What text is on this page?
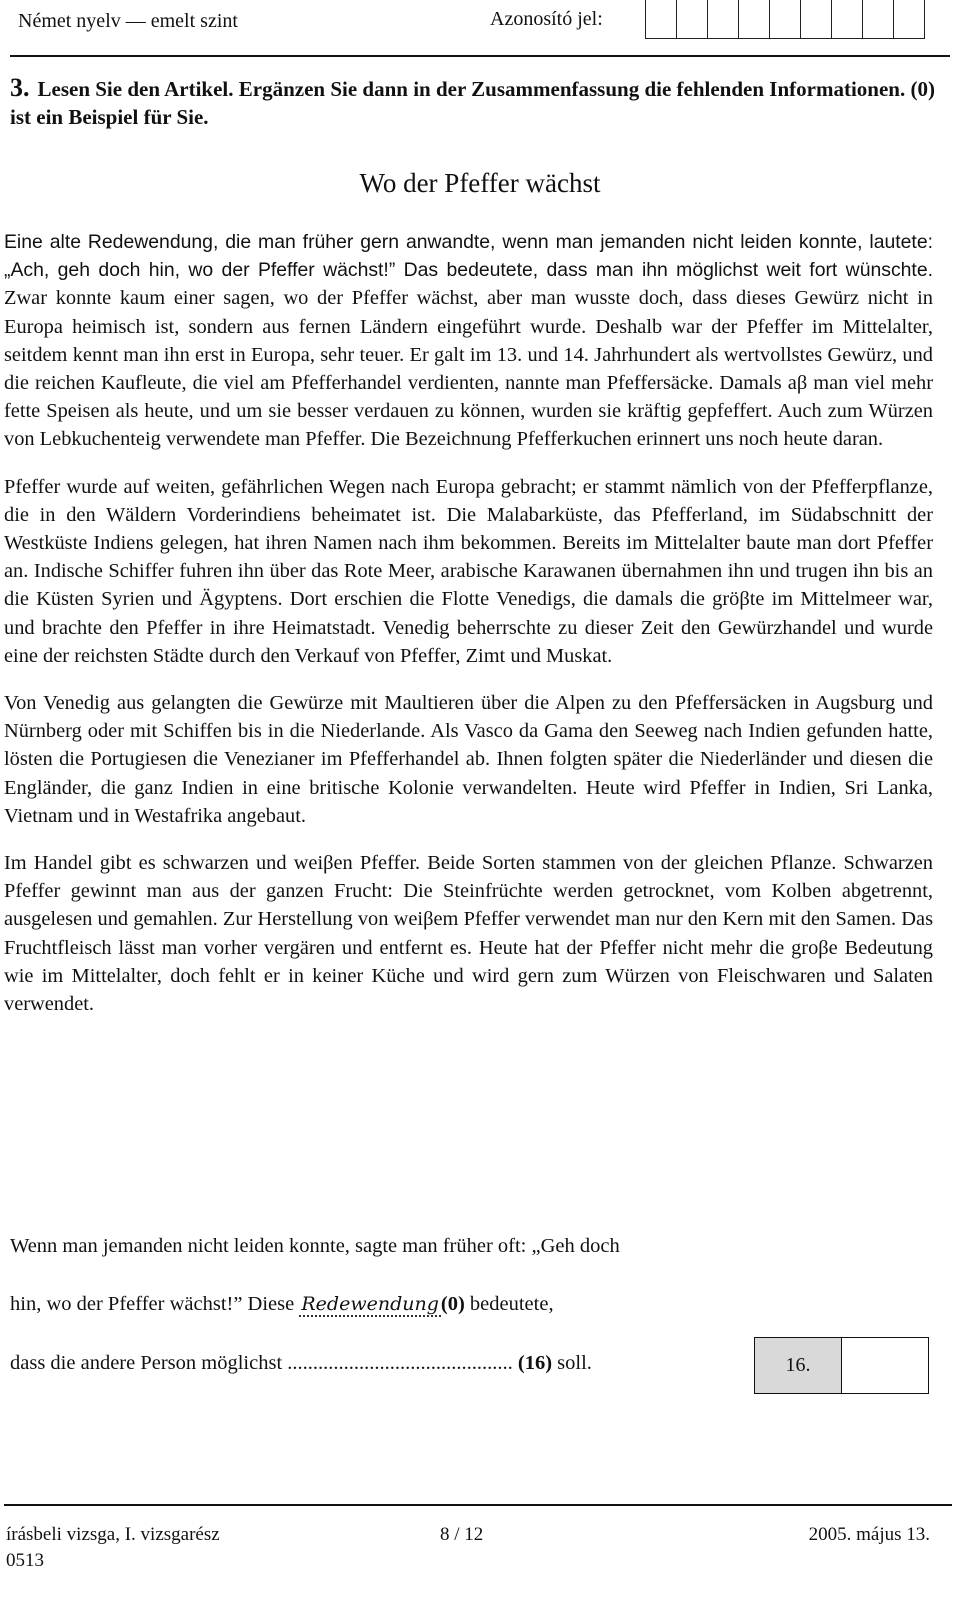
Német nyelv — emelt szint	Azonosító jel:
3. Lesen Sie den Artikel. Ergänzen Sie dann in der Zusammenfassung die fehlenden Informationen. (0) ist ein Beispiel für Sie.
Wo der Pfeffer wächst

Eine alte Redewendung, die man früher gern anwandte, wenn man jemanden nicht leiden konnte, lautete: „Ach, geh doch hin, wo der Pfeffer wächst!” Das bedeutete, dass man ihn möglichst weit fort wünschte. Zwar konnte kaum einer sagen, wo der Pfeffer wächst, aber man wusste doch, dass dieses Gewürz nicht in Europa heimisch ist, sondern aus fernen Ländern eingeführt wurde. Deshalb war der Pfeffer im Mittelalter, seitdem kennt man ihn erst in Europa, sehr teuer. Er galt im 13. und 14. Jahrhundert als wertvollstes Gewürz, und die reichen Kaufleute, die viel am Pfefferhandel verdienten, nannte man Pfeffersäcke. Damals aβ man viel mehr fette Speisen als heute, und um sie besser verdauen zu können, wurden sie kräftig gepfeffert. Auch zum Würzen von Lebkuchenteig verwendete man Pfeffer. Die Bezeichnung Pfefferkuchen erinnert uns noch heute daran.

Pfeffer wurde auf weiten, gefährlichen Wegen nach Europa gebracht; er stammt nämlich von der Pfefferpflanze, die in den Wäldern Vorderindiens beheimatet ist. Die Malabarküste, das Pfefferland, im Südabschnitt der Westküste Indiens gelegen, hat ihren Namen nach ihm bekommen. Bereits im Mittelalter baute man dort Pfeffer an. Indische Schiffer fuhren ihn über das Rote Meer, arabische Karawanen übernahmen ihn und trugen ihn bis an die Küsten Syrien und Ägyptens. Dort erschien die Flotte Venedigs, die damals die gröβte im Mittelmeer war, und brachte den Pfeffer in ihre Heimatstadt. Venedig beherrschte zu dieser Zeit den Gewürzhandel und wurde eine der reichsten Städte durch den Verkauf von Pfeffer, Zimt und Muskat.

Von Venedig aus gelangten die Gewürze mit Maultieren über die Alpen zu den Pfeffersäcken in Augsburg und Nürnberg oder mit Schiffen bis in die Niederlande. Als Vasco da Gama den Seeweg nach Indien gefunden hatte, lösten die Portugiesen die Venezianer im Pfefferhandel ab. Ihnen folgten später die Niederländer und diesen die Engländer, die ganz Indien in eine britische Kolonie verwandelten. Heute wird Pfeffer in Indien, Sri Lanka, Vietnam und in Westafrika angebaut.

Im Handel gibt es schwarzen und weiβen Pfeffer. Beide Sorten stammen von der gleichen Pflanze. Schwarzen Pfeffer gewinnt man aus der ganzen Frucht: Die Steinfrüchte werden getrocknet, vom Kolben abgetrennt, ausgelesen und gemahlen. Zur Herstellung von weiβem Pfeffer verwendet man nur den Kern mit den Samen. Das Fruchtfleisch lässt man vorher vergären und entfernt es. Heute hat der Pfeffer nicht mehr die groβe Bedeutung wie im Mittelalter, doch fehlt er in keiner Küche und wird gern zum Würzen von Fleischwaren und Salaten verwendet.

Wenn man jemanden nicht leiden konnte, sagte man früher oft: „Geh doch
hin, wo der Pfeffer wächst!” Diese Redewendung(0) bedeutete,
dass die andere Person möglichst ............................................ (16) soll.	16.
írásbeli vizsga, I. vizsgarész	8 / 12	2005. május 13.
0513
